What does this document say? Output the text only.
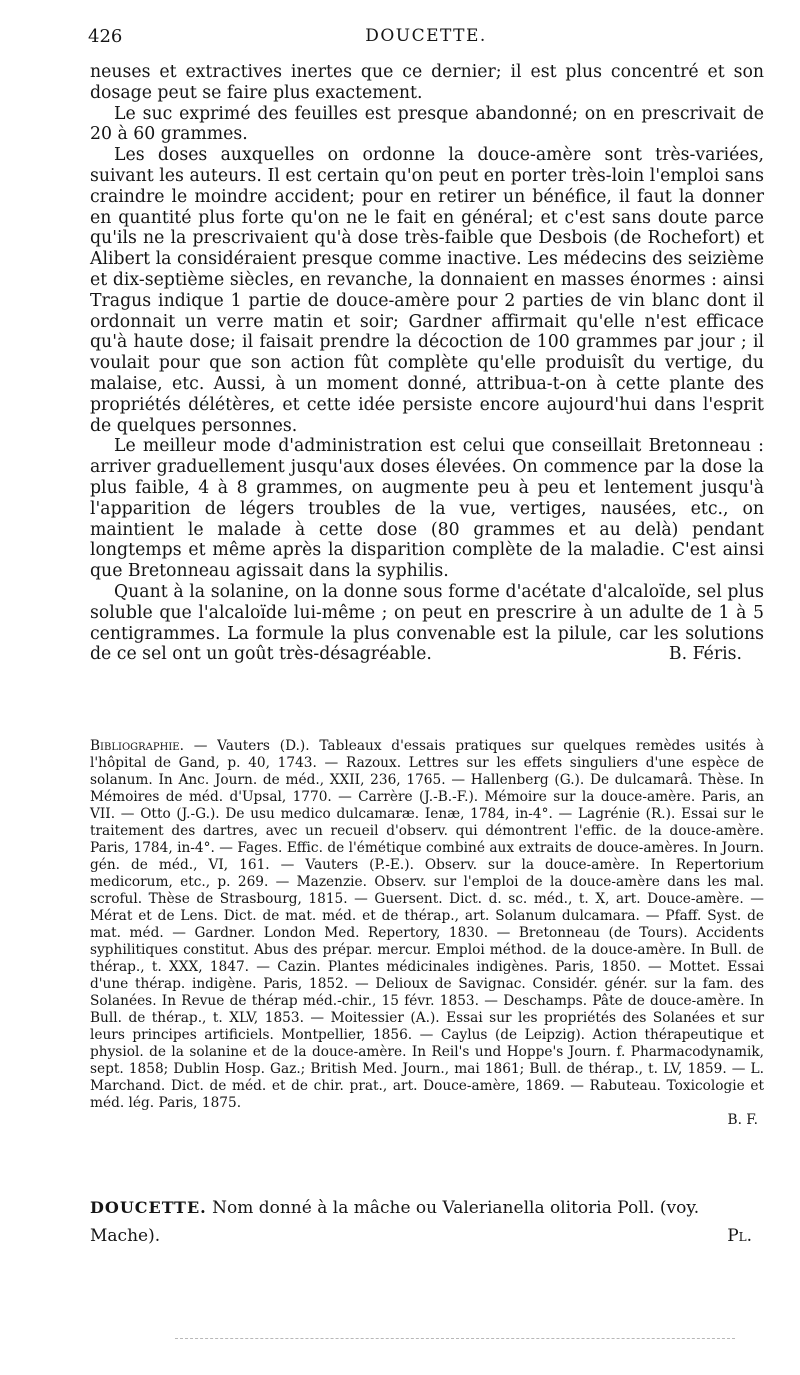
426	DOUCETTE.

neuses et extractives inertes que ce dernier; il est plus concentré et son dosage peut se faire plus exactement.

Le suc exprimé des feuilles est presque abandonné; on en prescrivait de 20 à 60 grammes.

Les doses auxquelles on ordonne la douce-amère sont très-variées, suivant les auteurs. Il est certain qu'on peut en porter très-loin l'emploi sans craindre le moindre accident; pour en retirer un bénéfice, il faut la donner en quantité plus forte qu'on ne le fait en général; et c'est sans doute parce qu'ils ne la prescrivaient qu'à dose très-faible que Desbois (de Rochefort) et Alibert la considéraient presque comme inactive. Les médecins des seizième et dix-septième siècles, en revanche, la donnaient en masses énormes : ainsi Tragus indique 1 partie de douce-amère pour 2 parties de vin blanc dont il ordonnait un verre matin et soir; Gardner affirmait qu'elle n'est efficace qu'à haute dose; il faisait prendre la décoction de 100 grammes par jour ; il voulait pour que son action fût complète qu'elle produisît du vertige, du malaise, etc. Aussi, à un moment donné, attribua-t-on à cette plante des propriétés délétères, et cette idée persiste encore aujourd'hui dans l'esprit de quelques personnes.

Le meilleur mode d'administration est celui que conseillait Bretonneau : arriver graduellement jusqu'aux doses élevées. On commence par la dose la plus faible, 4 à 8 grammes, on augmente peu à peu et lentement jusqu'à l'apparition de légers troubles de la vue, vertiges, nausées, etc., on maintient le malade à cette dose (80 grammes et au delà) pendant longtemps et même après la disparition complète de la maladie. C'est ainsi que Bretonneau agissait dans la syphilis.

Quant à la solanine, on la donne sous forme d'acétate d'alcaloïde, sel plus soluble que l'alcaloïde lui-même ; on peut en prescrire à un adulte de 1 à 5 centigrammes. La formule la plus convenable est la pilule, car les solutions de ce sel ont un goût très-désagréable.	B. Féris.

Bibliographie. — Vauters (D.). Tableaux d'essais pratiques sur quelques remèdes usités à l'hôpital de Gand, p. 40, 1743. — Razoux. Lettres sur les effets singuliers d'une espèce de solanum. In Anc. Journ. de méd., XXII, 236, 1765. — Hallenberg (G.). De dulcamarâ. Thèse. In Mémoires de méd. d'Upsal, 1770. — Carrère (J.-B.-F.). Mémoire sur la douce-amère. Paris, an VII. — Otto (J.-G.). De usu medico dulcamaræ. Ienæ, 1784, in-4°. — Lagrénie (R.). Essai sur le traitement des dartres, avec un recueil d'observ. qui démontrent l'effic. de la douce-amère. Paris, 1784, in-4°. — Fages. Effic. de l'émétique combiné aux extraits de douce-amères. In Journ. gén. de méd., VI, 161. — Vauters (P.-E.). Observ. sur la douce-amère. In Repertorium medicorum, etc., p. 269. — Mazenzie. Observ. sur l'emploi de la douce-amère dans les mal. scroful. Thèse de Strasbourg, 1815. — Guersent. Dict. d. sc. méd., t. X, art. Douce-amère. — Mérat et de Lens. Dict. de mat. méd. et de thérap., art. Solanum dulcamara. — Pfaff. Syst. de mat. méd. — Gardner. London Med. Repertory, 1830. — Bretonneau (de Tours). Accidents syphilitiques constitut. Abus des prépar. mercur. Emploi méthod. de la douce-amère. In Bull. de thérap., t. XXX, 1847. — Cazin. Plantes médicinales indigènes. Paris, 1850. — Mottet. Essai d'une thérap. indigène. Paris, 1852. — Delioux de Savignac. Considér. génér. sur la fam. des Solanées. In Revue de thérap méd.-chir., 15 févr. 1853. — Deschamps. Pâte de douce-amère. In Bull. de thérap., t. XLV, 1853. — Moitessier (A.). Essai sur les propriétés des Solanées et sur leurs principes artificiels. Montpellier, 1856. — Caylus (de Leipzig). Action thérapeutique et physiol. de la solanine et de la douce-amère. In Reil's und Hoppe's Journ. f. Pharmacodynamik, sept. 1858; Dublin Hosp. Gaz.; British Med. Journ., mai 1861; Bull. de thérap., t. LV, 1859. — L. Marchand. Dict. de méd. et de chir. prat., art. Douce-amère, 1869. — Rabuteau. Toxicologie et méd. lég. Paris, 1875.

B. F.

DOUCETTE. Nom donné à la mâche ou Valerianella olitoria Poll. (voy. Mache).	Pl.
